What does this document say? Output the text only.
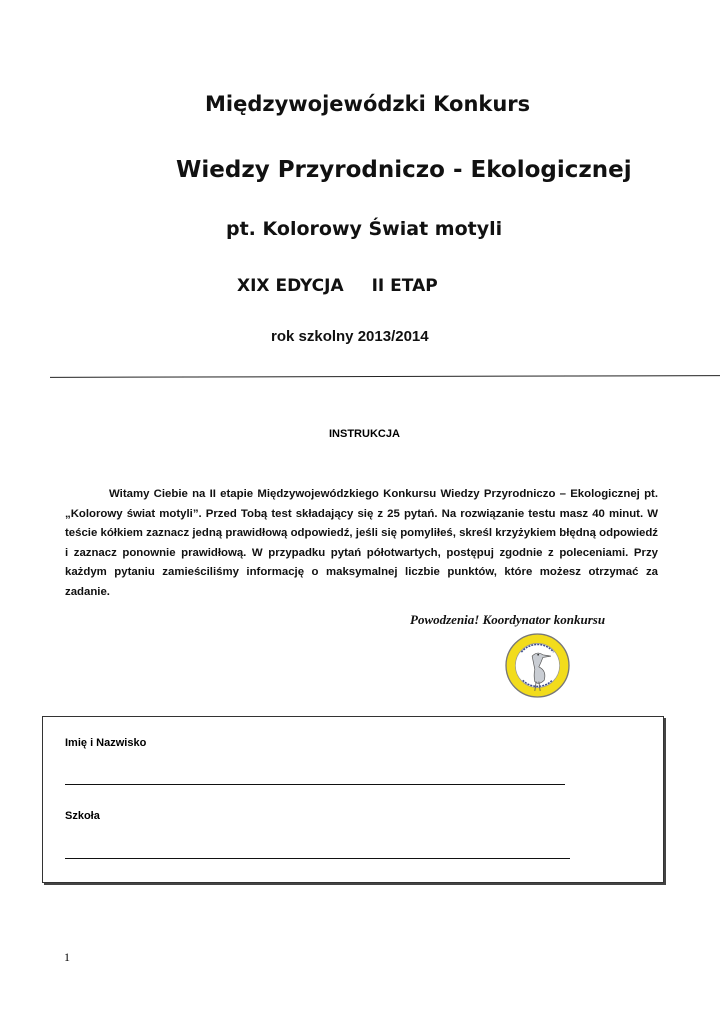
Międzywojewódzki Konkurs
Wiedzy Przyrodniczo - Ekologicznej
pt. Kolorowy Świat motyli
XIX EDYCJA II ETAP
rok szkolny 2013/2014
INSTRUKCJA
Witamy Ciebie na II etapie Międzywojewódzkiego Konkursu Wiedzy Przyrodniczo – Ekologicznej pt. „Kolorowy świat motyli”. Przed Tobą test składający się z 25 pytań. Na rozwiązanie testu masz 40 minut. W teście kółkiem zaznacz jedną prawidłową odpowiedź, jeśli się pomyliłeś, skreśl krzyżykiem błędną odpowiedź i zaznacz ponownie prawidłową. W przypadku pytań półotwartych, postępuj zgodnie z poleceniami. Przy każdym pytaniu zamieściliśmy informację o maksymalnej liczbie punktów, które możesz otrzymać za zadanie.
Powodzenia! Koordynator konkursu
Imię i Nazwisko
Szkoła
1
